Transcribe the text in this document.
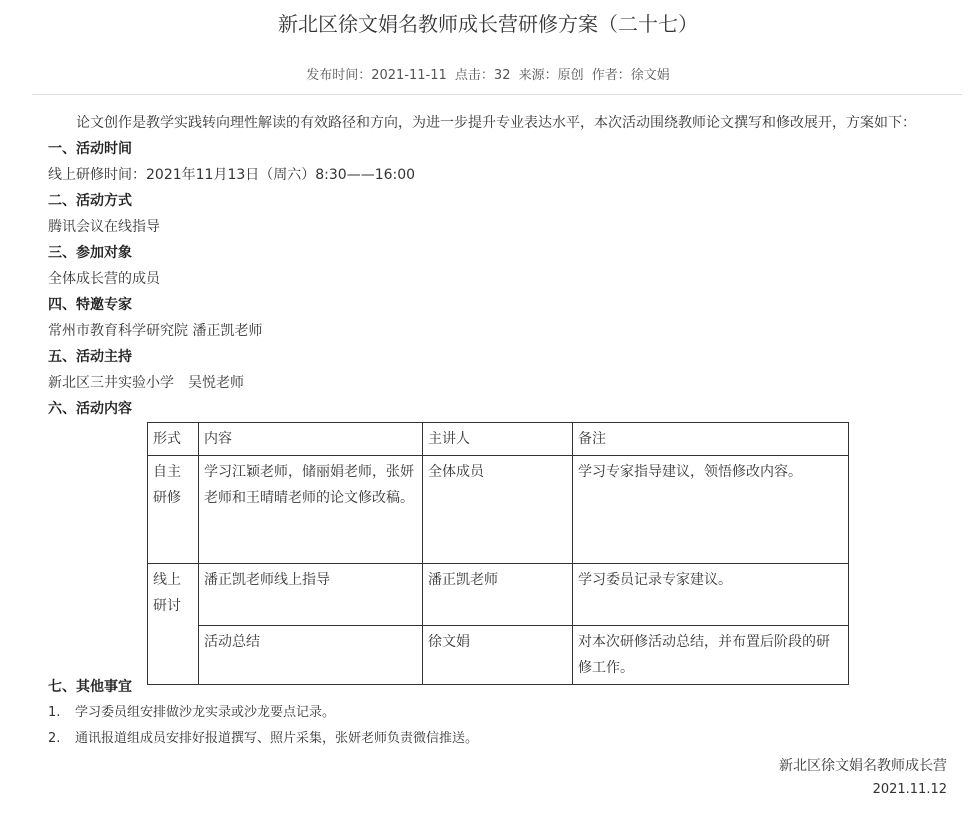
新北区徐文娟名教师成长营研修方案（二十七）
发布时间：2021-11-11 点击：32 来源：原创 作者：徐文娟
论文创作是教学实践转向理性解读的有效路径和方向，为进一步提升专业表达水平，本次活动围绕教师论文撰写和修改展开，方案如下：
一、活动时间
线上研修时间：2021年11月13日（周六）8:30——16:00
二、活动方式
腾讯会议在线指导
三、参加对象
全体成长营的成员
四、特邀专家
常州市教育科学研究院 潘正凯老师
五、活动主持
新北区三井实验小学　吴悦老师
六、活动内容
形式	内容	主讲人	备注
自主研修	学习江颖老师，储丽娟老师，张妍老师和王晴晴老师的论文修改稿。	全体成员	学习专家指导建议，领悟修改内容。
线上研讨	潘正凯老师线上指导	潘正凯老师	学习委员记录专家建议。
	活动总结	徐文娟	对本次研修活动总结，并布置后阶段的研修工作。
七、其他事宜
1. 学习委员组安排做沙龙实录或沙龙要点记录。
2. 通讯报道组成员安排好报道撰写、照片采集，张妍老师负责微信推送。
新北区徐文娟名教师成长营
2021.11.12
